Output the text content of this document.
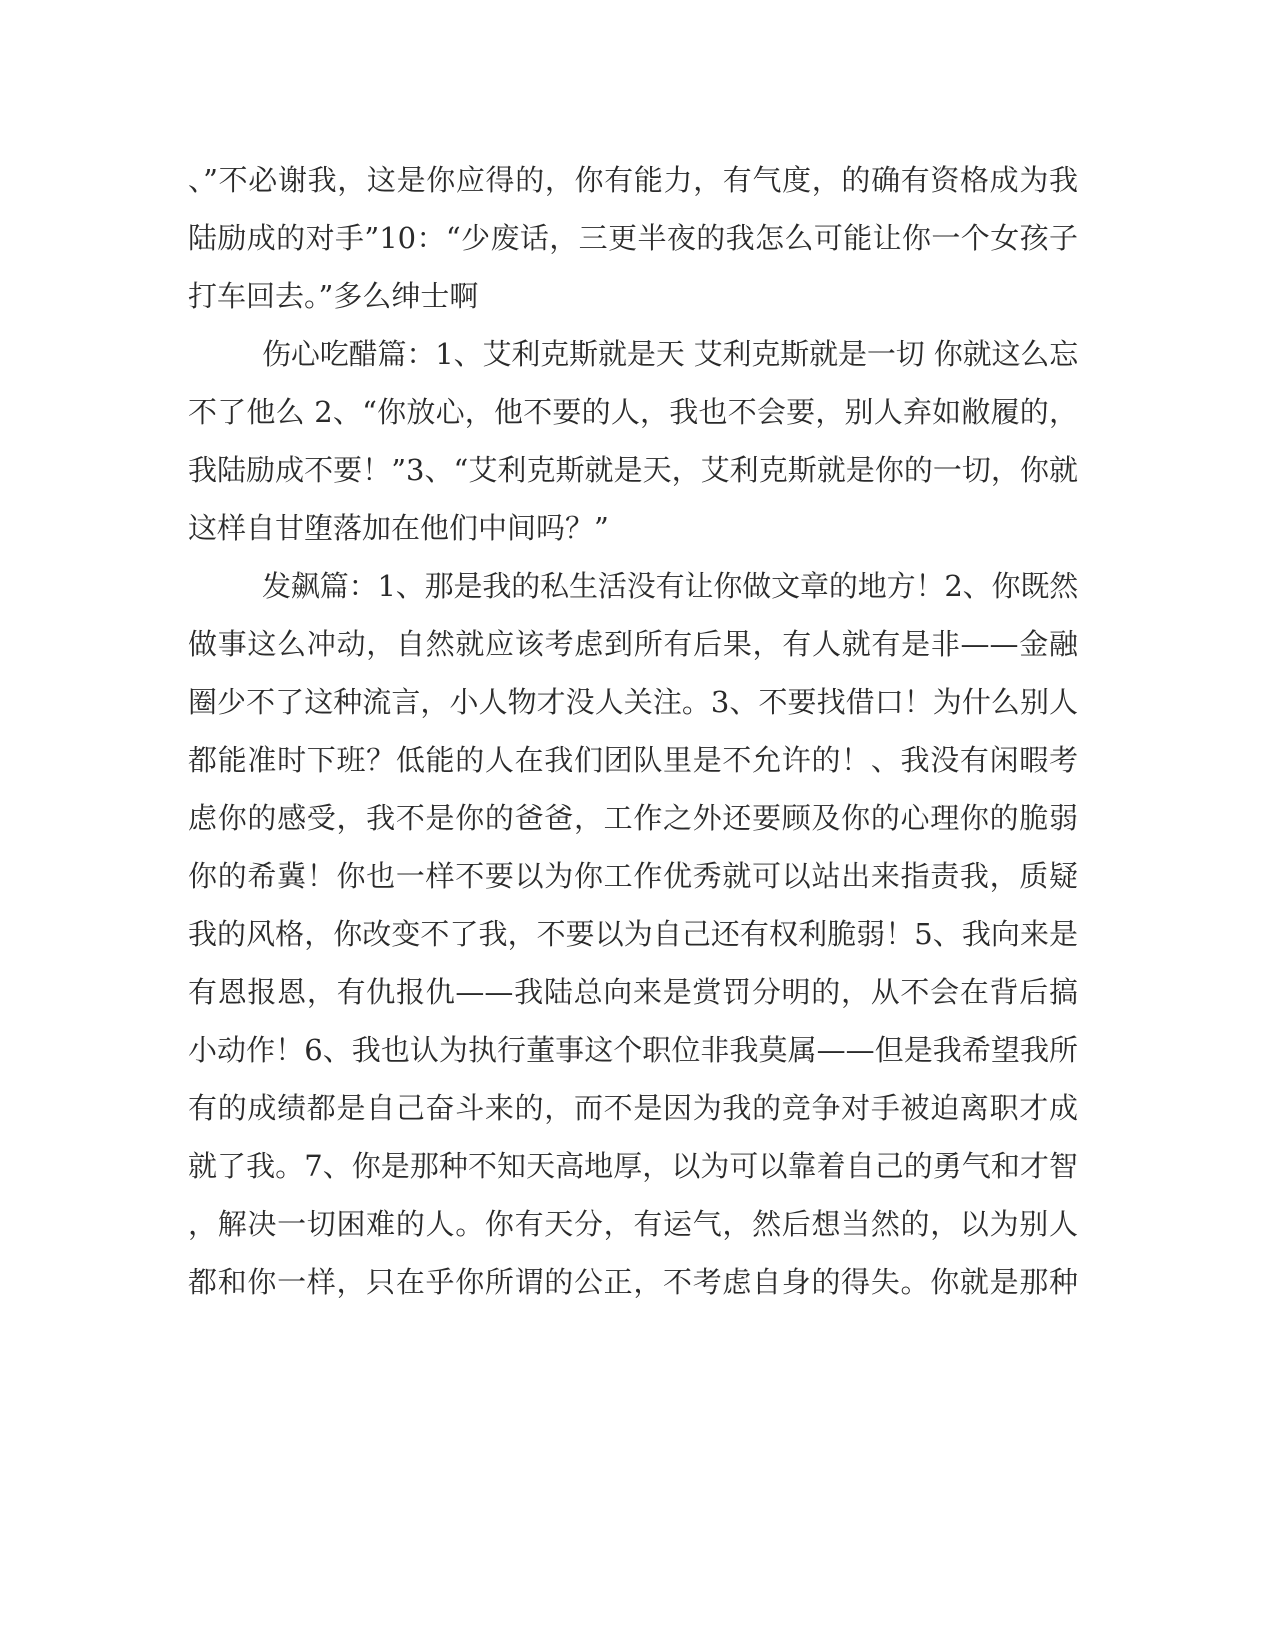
、”不必谢我，这是你应得的，你有能力，有气度，的确有资格成为我
陆励成的对手”10：“少废话，三更半夜的我怎么可能让你一个女孩子
打车回去。”多么绅士啊
伤心吃醋篇：1、艾利克斯就是天 艾利克斯就是一切 你就这么忘
不了他么 2、“你放心，他不要的人，我也不会要，别人弃如敝履的，
我陆励成不要！”3、“艾利克斯就是天，艾利克斯就是你的一切，你就
这样自甘堕落加在他们中间吗？”
发飙篇：1、那是我的私生活没有让你做文章的地方！2、你既然
做事这么冲动，自然就应该考虑到所有后果，有人就有是非——金融
圈少不了这种流言，小人物才没人关注。3、不要找借口！为什么别人
都能准时下班？低能的人在我们团队里是不允许的！、我没有闲暇考
虑你的感受，我不是你的爸爸，工作之外还要顾及你的心理你的脆弱
你的希冀！你也一样不要以为你工作优秀就可以站出来指责我，质疑
我的风格，你改变不了我，不要以为自己还有权利脆弱！5、我向来是
有恩报恩，有仇报仇——我陆总向来是赏罚分明的，从不会在背后搞
小动作！6、我也认为执行董事这个职位非我莫属——但是我希望我所
有的成绩都是自己奋斗来的，而不是因为我的竞争对手被迫离职才成
就了我。7、你是那种不知天高地厚，以为可以靠着自己的勇气和才智
，解决一切困难的人。你有天分，有运气，然后想当然的，以为别人
都和你一样，只在乎你所谓的公正，不考虑自身的得失。你就是那种
